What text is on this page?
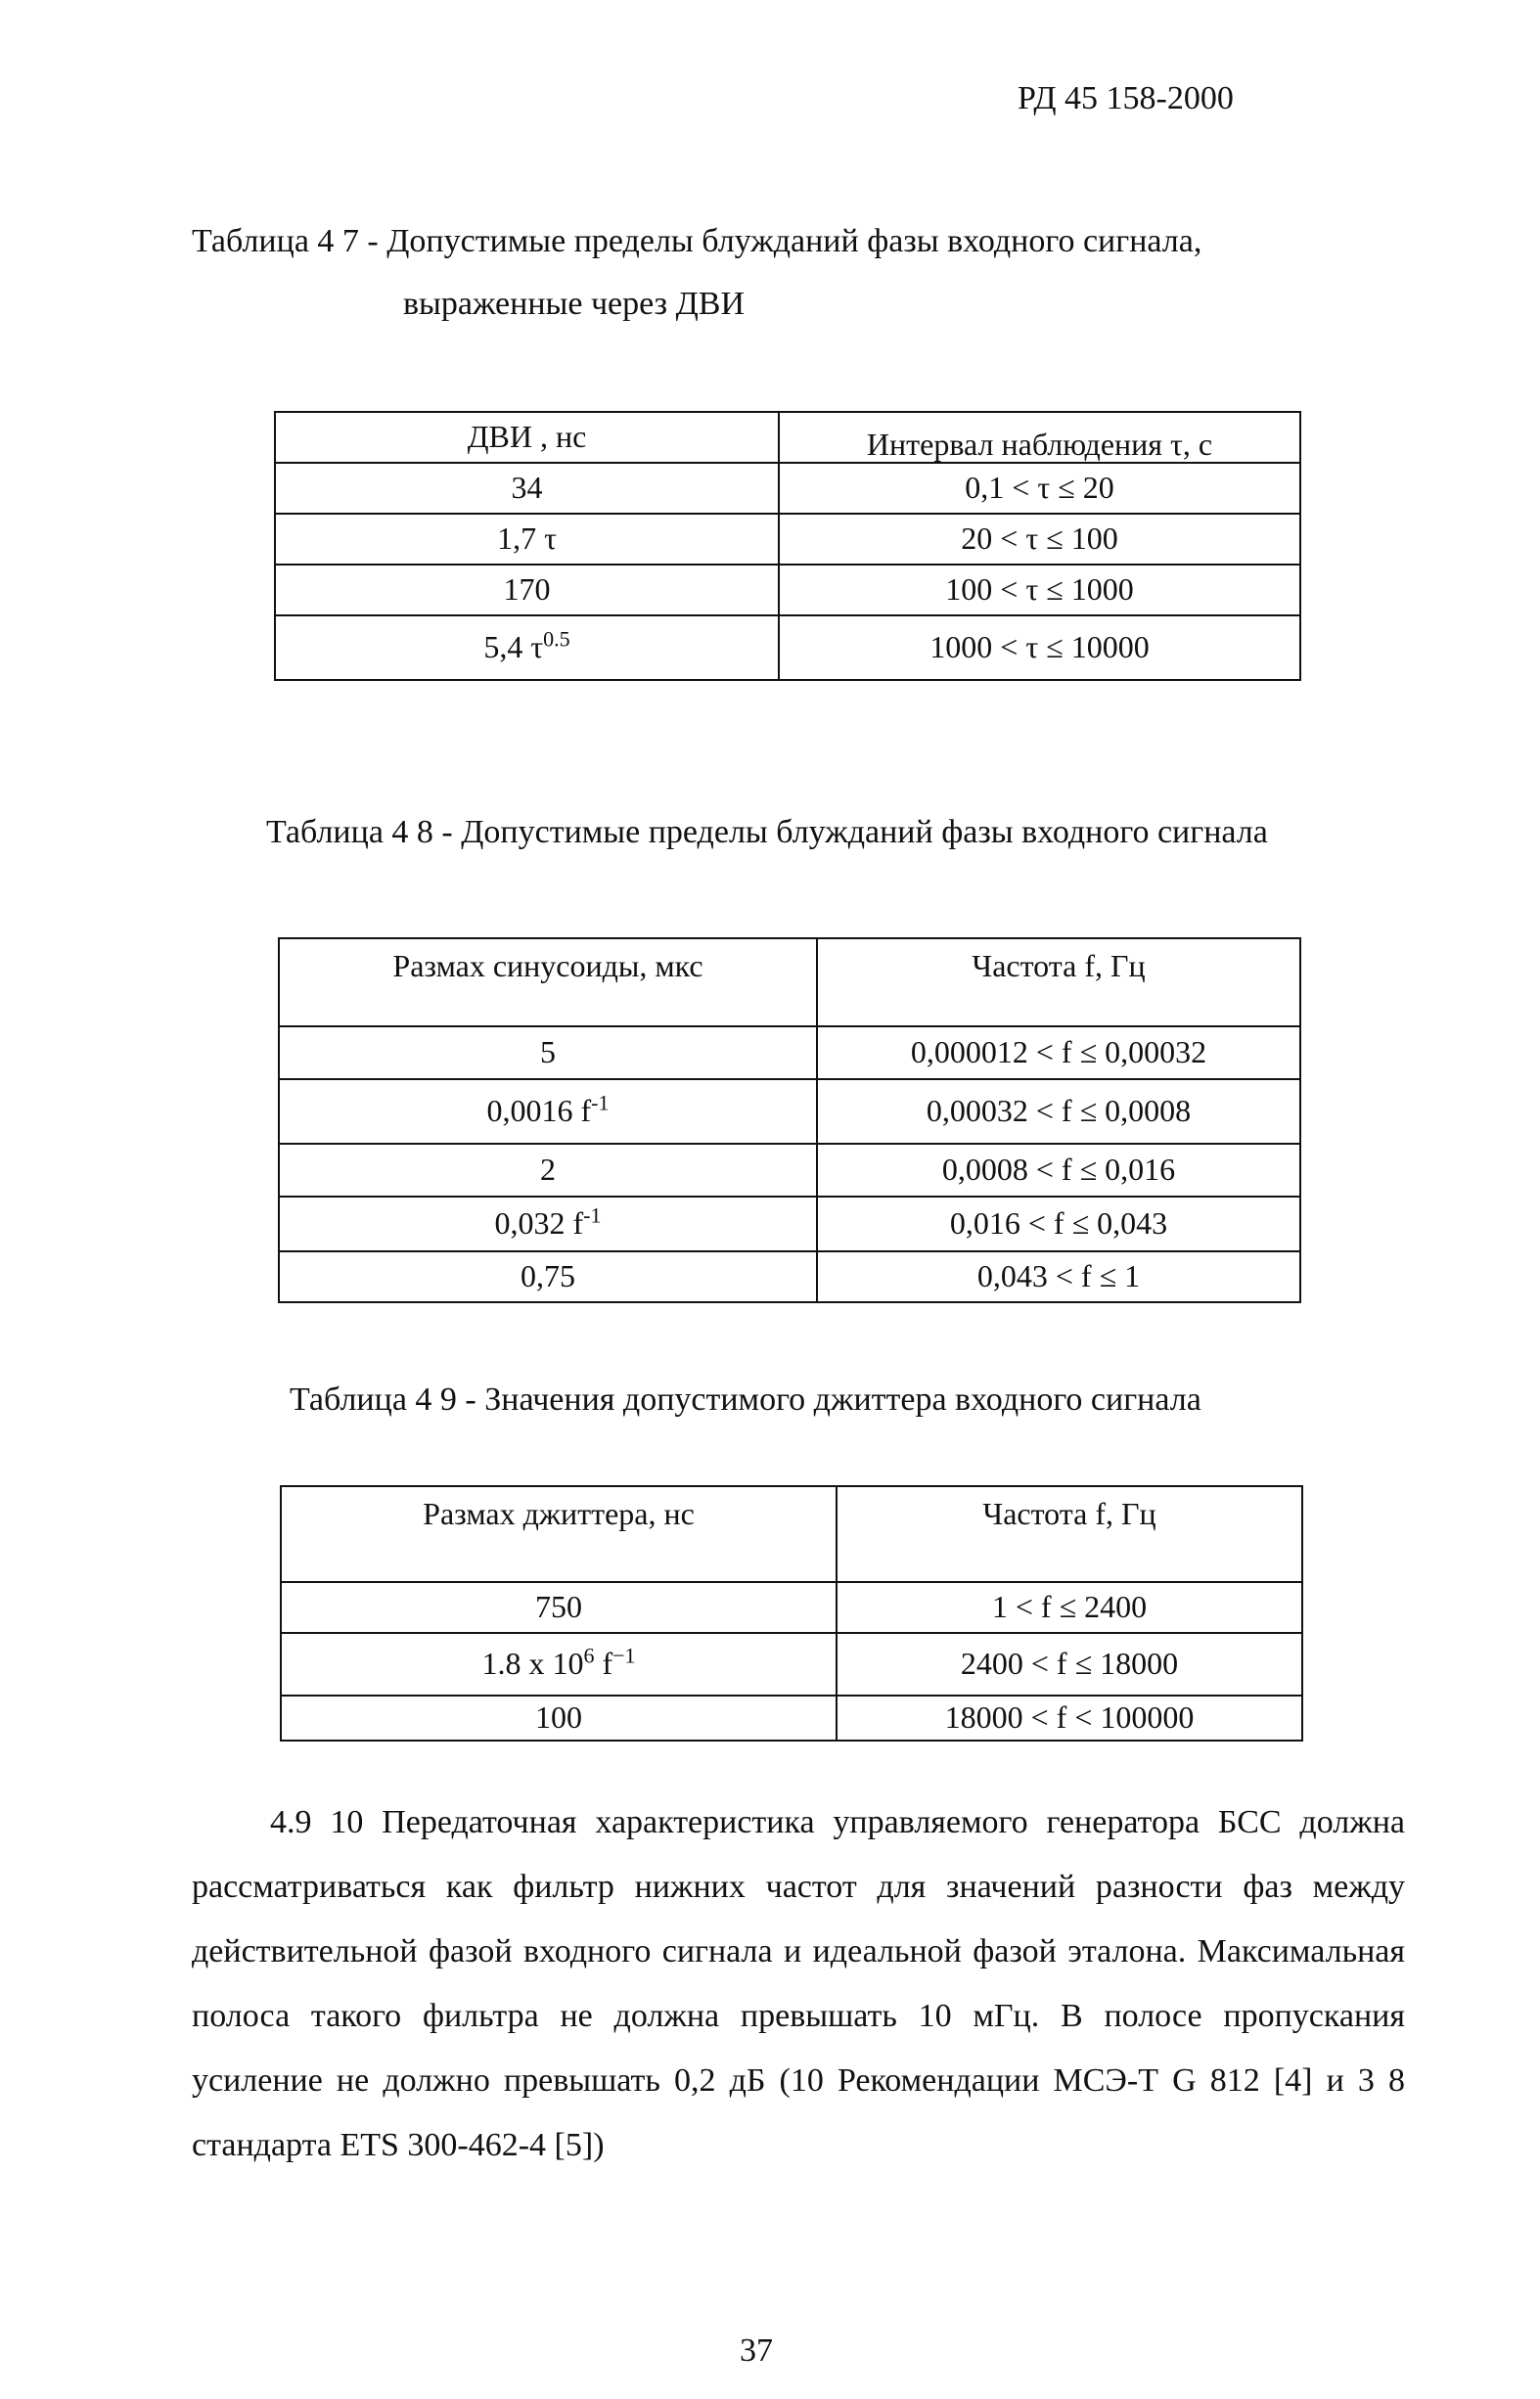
РД 45 158-2000
Таблица 4 7 - Допустимые пределы блужданий фазы входного сигнала,
выраженные через ДВИ
ДВИ , нс	Интервал наблюдения τ, с
34	0,1 < τ ≤ 20
1,7 τ	20 < τ ≤ 100
170	100 < τ ≤ 1000
5,4 $\tau^{0.5}$	1000 < τ ≤ 10000
Таблица 4 8 - Допустимые пределы блужданий фазы входного сигнала
Размах синусоиды, мкс	Частота f, Гц
5	0,000012 < f ≤ 0,00032
0,0016 $f^{-1}$	0,00032 < f ≤ 0,0008
2	0,0008 < f ≤ 0,016
0,032 $f^{-1}$	0,016 < f ≤ 0,043
0,75	0,043 < f ≤ 1
Таблица 4 9 - Значения допустимого джиттера входного сигнала
Размах джиттера, нс	Частота f, Гц
750	1 < f ≤ 2400
1.8 x $10^6$ $f^{-1}$	2400 < f ≤ 18000
100	18000 < f < 100000

4.9 10 Передаточная характеристика управляемого генератора БСС должна рассматриваться как фильтр нижних частот для значений разности фаз между действительной фазой входного сигнала и идеальной фазой эталона. Максимальная полоса такого фильтра не должна превышать 10 мГц. В полосе пропускания усиление не должно превышать 0,2 дБ (10 Рекомендации МСЭ-Т G 812 [4] и 3 8 стандарта ETS 300-462-4 [5])

37
